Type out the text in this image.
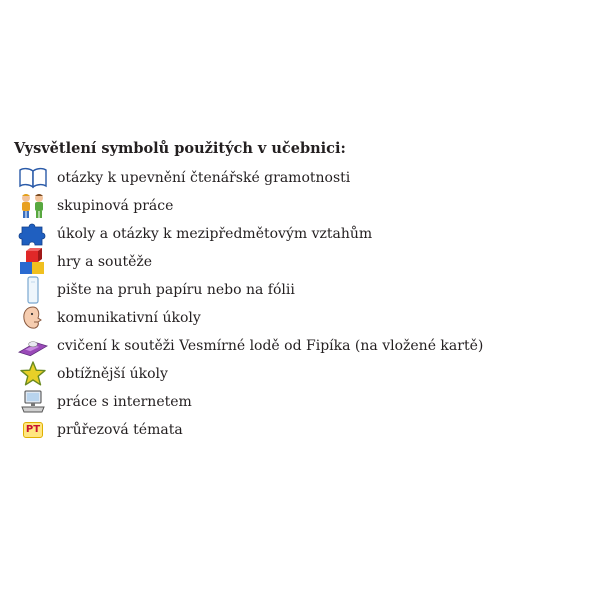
Vysvětlení symbolů použitých v učebnici:
otázky k upevnění čtenářské gramotnosti
skupinová práce
úkoly a otázky k mezipředmětovým vztahům
hry a soutěže
pište na pruh papíru nebo na fólii
komunikativní úkoly
cvičení k soutěži Vesmírné lodě od Fipíka (na vložené kartě)
obtížnější úkoly
práce s internetem
PT průřezová témata
